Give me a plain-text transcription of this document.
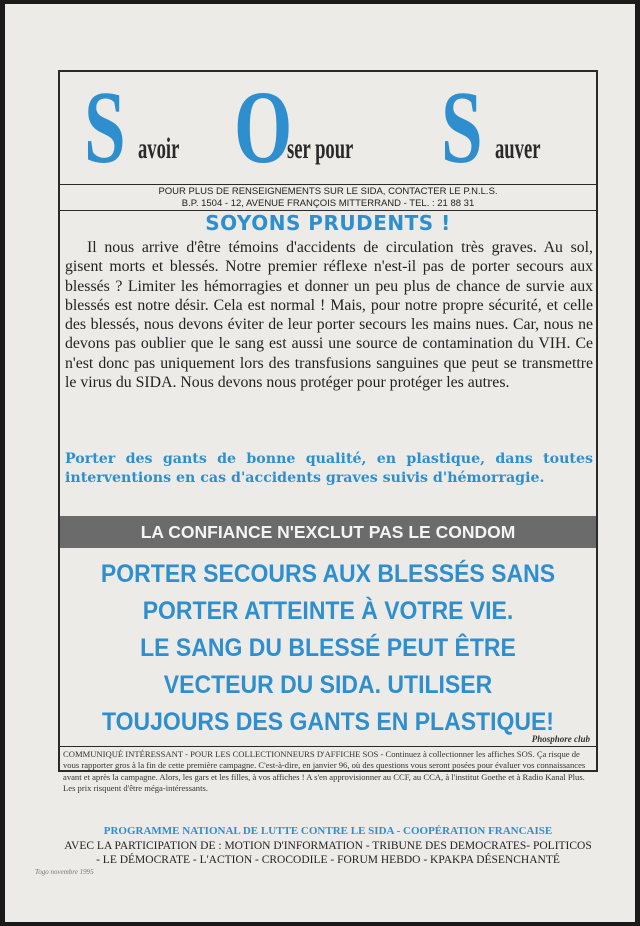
S avoir O
ser pour S auver
POUR PLUS DE RENSEIGNEMENTS SUR LE SIDA, CONTACTER LE P.N.L.S.
B.P. 1504 - 12, AVENUE FRANÇOIS MITTERRAND - TEL. : 21 88 31
SOYONS PRUDENTS !
Il nous arrive d'être témoins d'accidents de circulation très graves. Au sol, gisent morts et blessés. Notre premier réflexe n'est-il pas de porter secours aux blessés ? Limiter les hémorragies et donner un peu plus de chance de survie aux blessés est notre désir. Cela est normal ! Mais, pour notre propre sécurité, et celle des blessés, nous devons éviter de leur porter secours les mains nues. Car, nous ne devons pas oublier que le sang est aussi une source de contamination du VIH. Ce n'est donc pas uniquement lors des transfusions sanguines que peut se transmettre le virus du SIDA. Nous devons nous protéger pour protéger les autres.
Porter des gants de bonne qualité, en plastique, dans toutes interventions en cas d'accidents graves suivis d'hémorragie.
LA CONFIANCE N'EXCLUT PAS LE CONDOM
PORTER SECOURS AUX BLESSÉS SANS
PORTER ATTEINTE À VOTRE VIE.
LE SANG DU BLESSÉ PEUT ÊTRE
VECTEUR DU SIDA. UTILISER
TOUJOURS DES GANTS EN PLASTIQUE!
Phosphore club
COMMUNIQUÉ INTÉRESSANT - POUR LES COLLECTIONNEURS D'AFFICHE SOS - Continuez à collectionner les affiches SOS. Ça risque de vous rapporter gros à la fin de cette première campagne. C'est-à-dire, en janvier 96, où des questions vous seront posées pour évaluer vos connaissances avant et après la campagne. Alors, les gars et les filles, à vos affiches ! A s'en approvisionner au CCF, au CCA, à l'institut Goethe et à Radio Kanal Plus. Les prix risquent d'être méga-intéressants.
PROGRAMME NATIONAL DE LUTTE CONTRE LE SIDA - COOPÉRATION FRANCAISE
AVEC LA PARTICIPATION DE : MOTION D'INFORMATION - TRIBUNE DES DEMOCRATES- POLITICOS
- LE DÉMOCRATE - L'ACTION - CROCODILE - FORUM HEBDO - KPAKPA DÉSENCHANTÉ
Togo novembre 1995
